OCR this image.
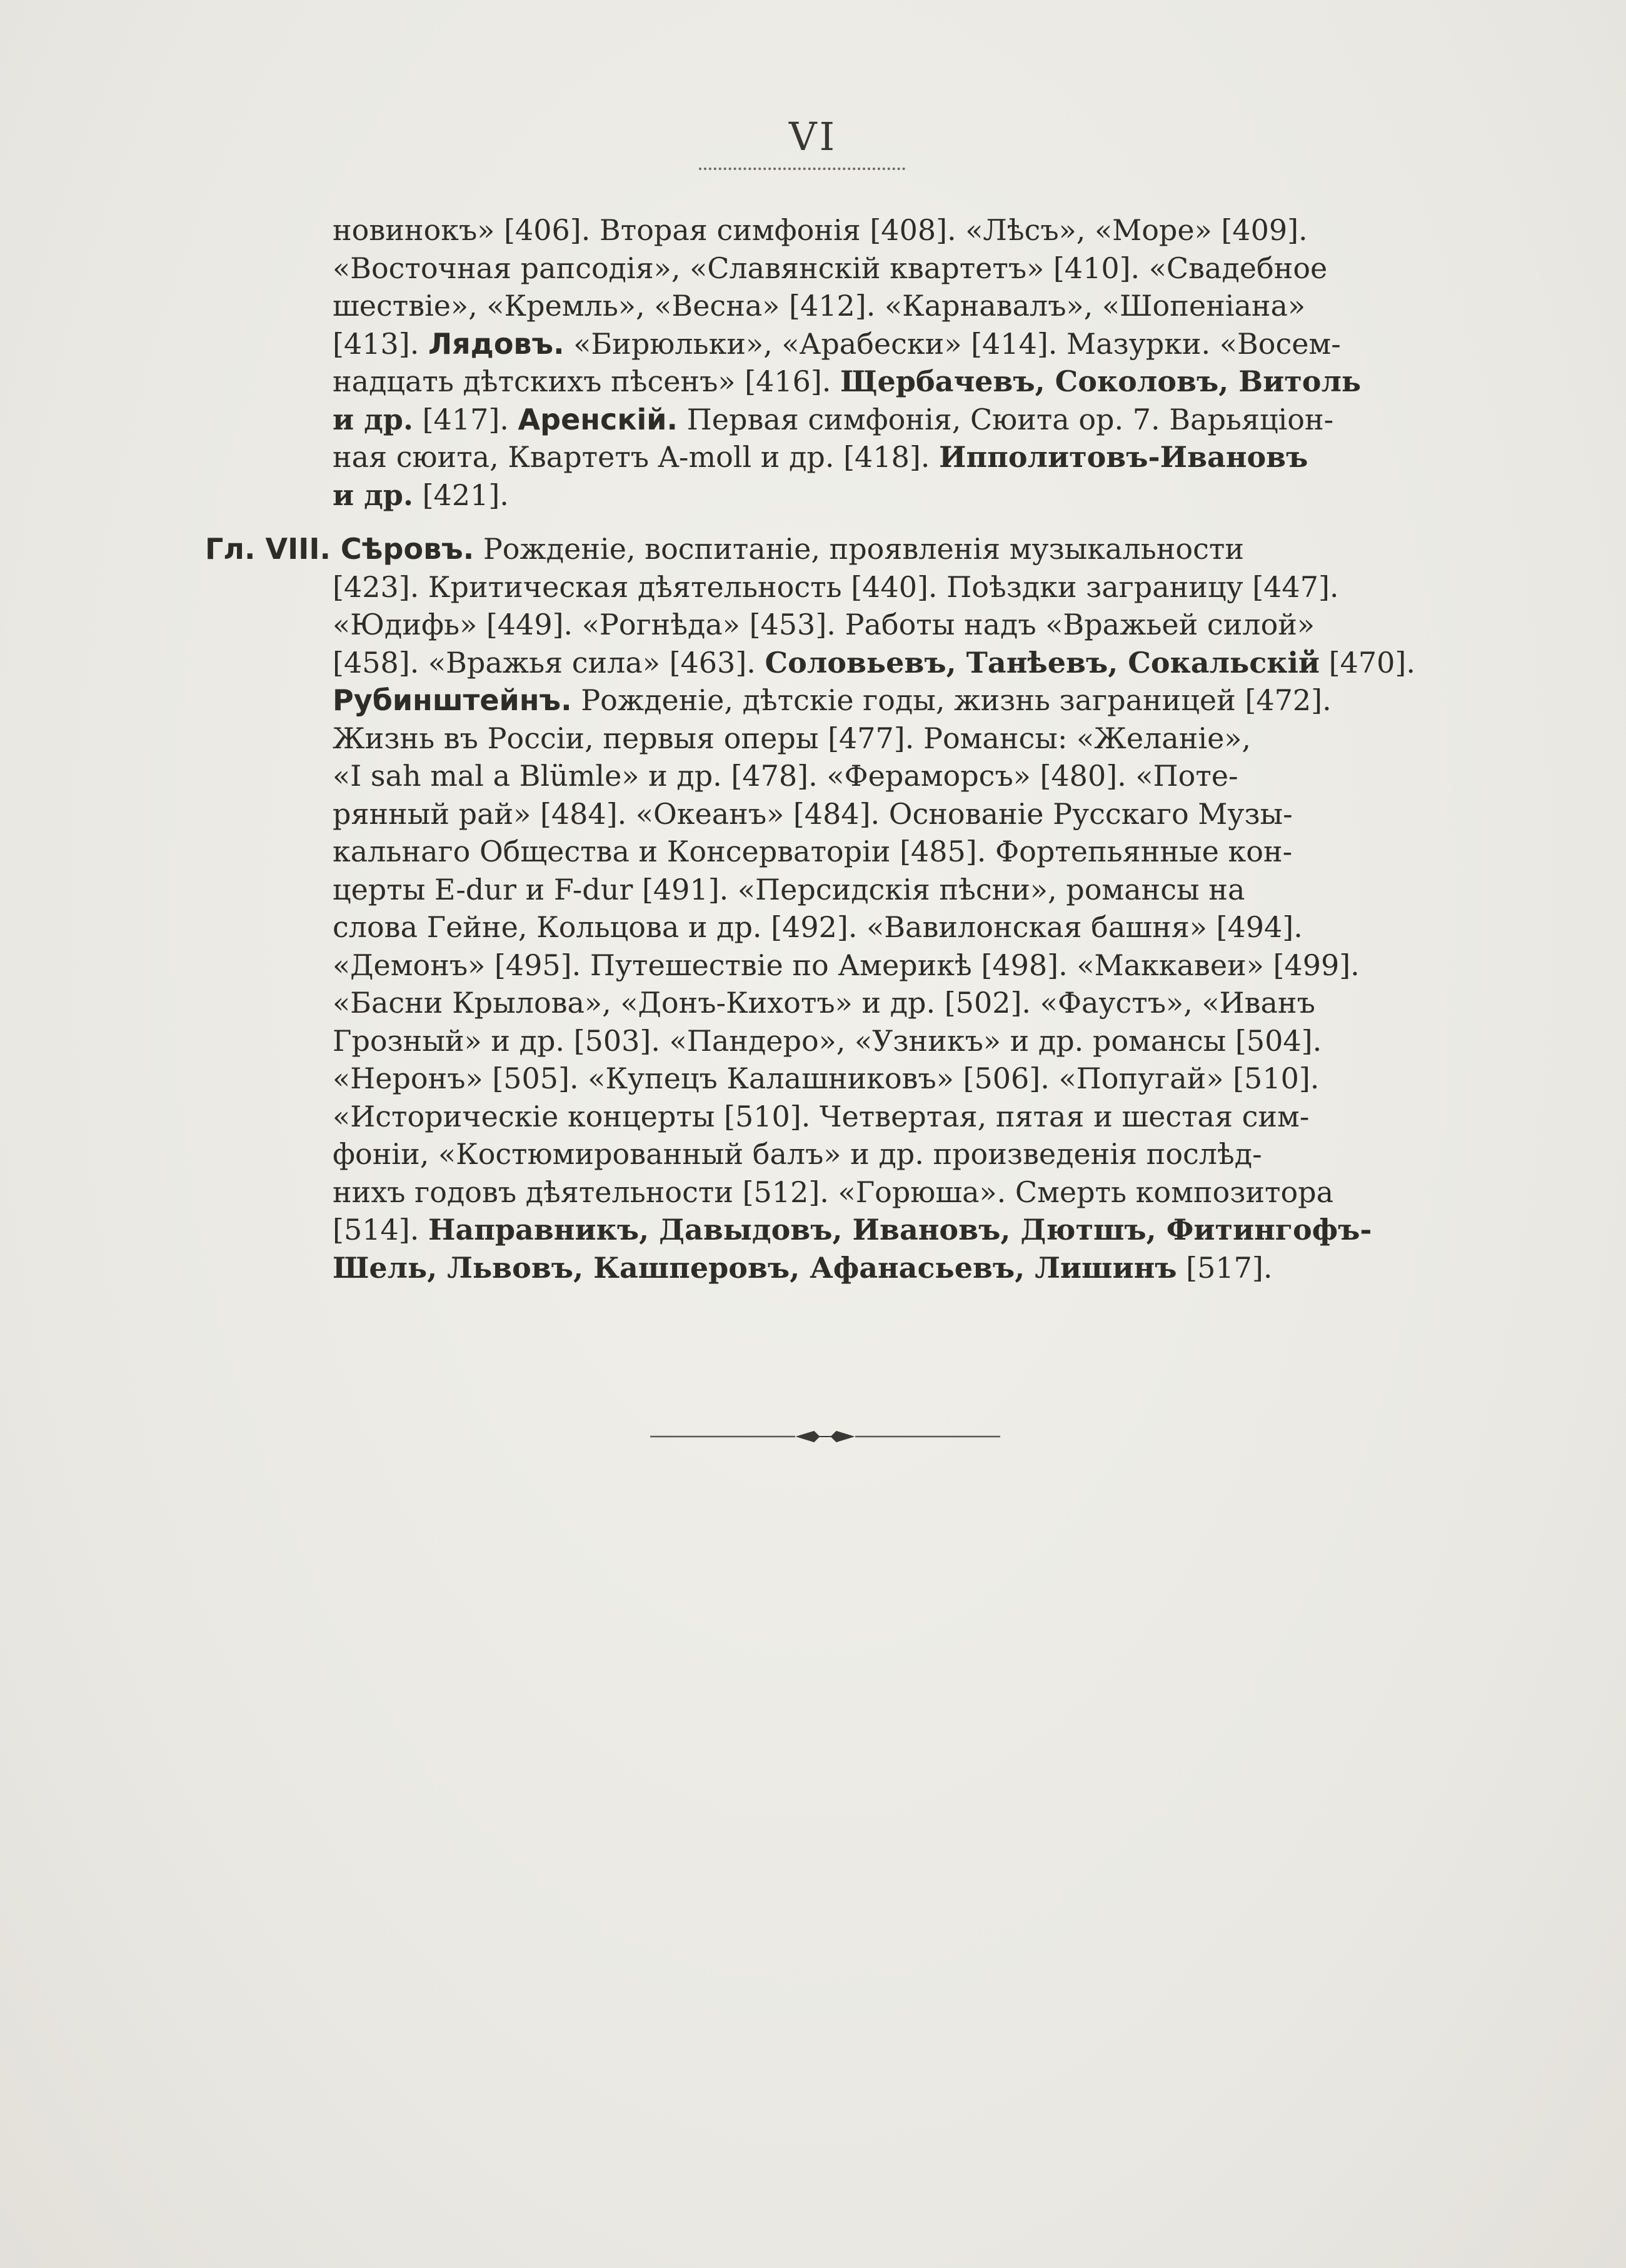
VI
новинокъ» [406]. Вторая симфонія [408]. «Лѣсъ», «Море» [409].
«Восточная рапсодія», «Славянскій квартетъ» [410]. «Свадебное
шествіе», «Кремль», «Весна» [412]. «Карнавалъ», «Шопеніана»
[413]. Лядовъ. «Бирюльки», «Арабески» [414]. Мазурки. «Восем-
надцать дѣтскихъ пѣсенъ» [416]. Щербачевъ, Соколовъ, Витоль
и др. [417]. Аренскій. Первая симфонія, Сюита ор. 7. Варьяціон-
ная сюита, Квартетъ A-moll и др. [418]. Ипполитовъ-Ивановъ
и др. [421].
Гл. VIII. Сѣровъ. Рожденіе, воспитаніе, проявленія музыкальности
[423]. Критическая дѣятельность [440]. Поѣздки заграницу [447].
«Юдифь» [449]. «Рогнѣда» [453]. Работы надъ «Вражьей силой»
[458]. «Вражья сила» [463]. Соловьевъ, Танѣевъ, Сокальскій [470].
Рубинштейнъ. Рожденіе, дѣтскіе годы, жизнь заграницей [472].
Жизнь въ Россіи, первыя оперы [477]. Романсы: «Желаніе»,
«I sah mal a Blümle» и др. [478]. «Фераморсъ» [480]. «Поте-
рянный рай» [484]. «Океанъ» [484]. Основаніе Русскаго Музы-
кальнаго Общества и Консерваторіи [485]. Фортепьянные кон-
церты E-dur и F-dur [491]. «Персидскія пѣсни», романсы на
слова Гейне, Кольцова и др. [492]. «Вавилонская башня» [494].
«Демонъ» [495]. Путешествіе по Америкѣ [498]. «Маккавеи» [499].
«Басни Крылова», «Донъ-Кихотъ» и др. [502]. «Фаустъ», «Иванъ
Грозный» и др. [503]. «Пандеро», «Узникъ» и др. романсы [504].
«Неронъ» [505]. «Купецъ Калашниковъ» [506]. «Попугай» [510].
«Историческіе концерты [510]. Четвертая, пятая и шестая сим-
фоніи, «Костюмированный балъ» и др. произведенія послѣд-
нихъ годовъ дѣятельности [512]. «Горюша». Смерть композитора
[514]. Направникъ, Давыдовъ, Ивановъ, Дютшъ, Фитингофъ-
Шель, Львовъ, Кашперовъ, Афанасьевъ, Лишинъ [517].
